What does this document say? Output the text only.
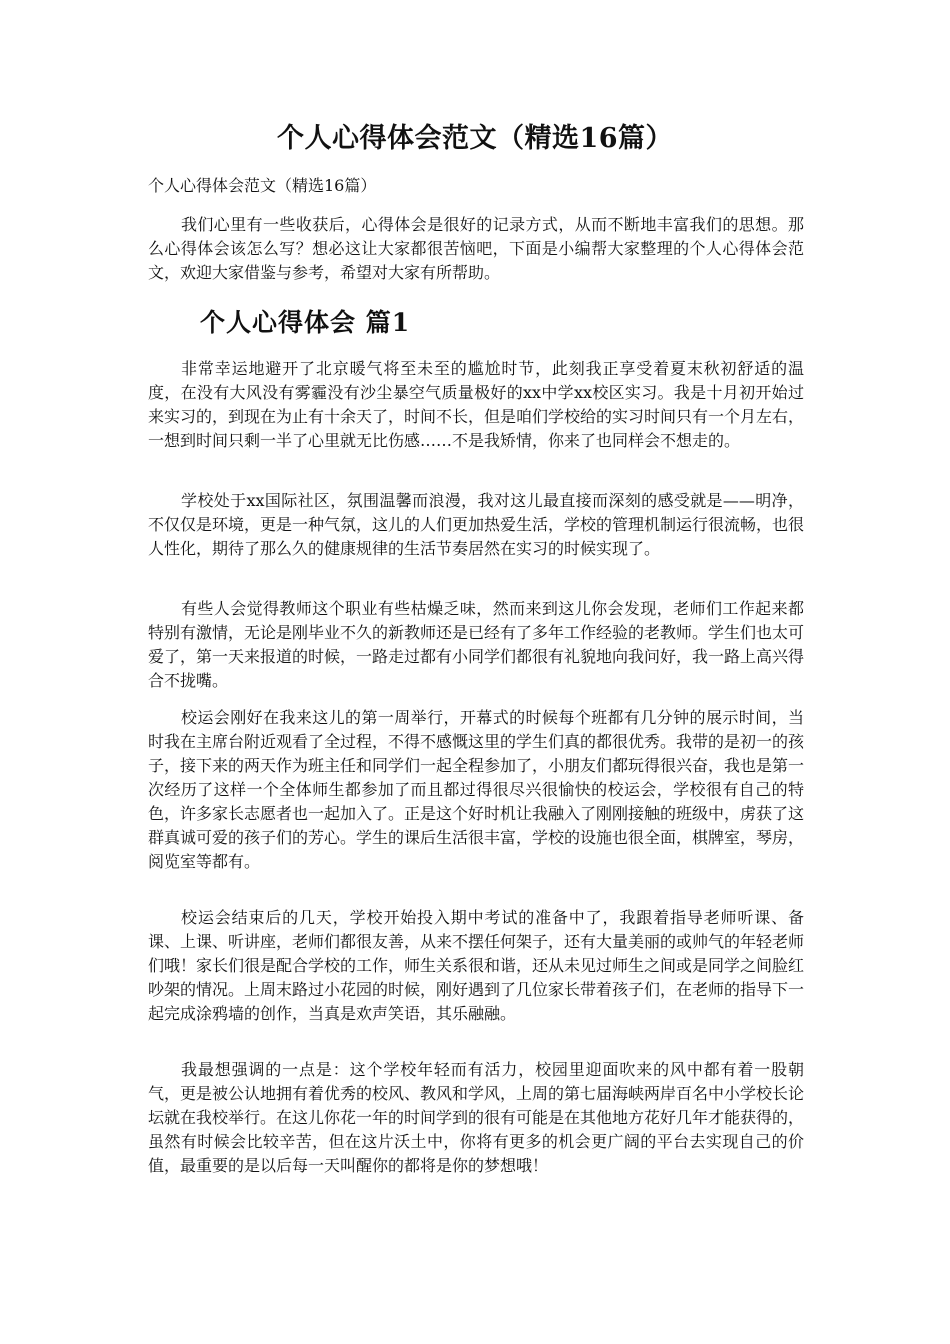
个人心得体会范文（精选16篇）

个人心得体会范文（精选16篇）

我们心里有一些收获后，心得体会是很好的记录方式，从而不断地丰富我们的思想。那么心得体会该怎么写？想必这让大家都很苦恼吧，下面是小编帮大家整理的个人心得体会范文，欢迎大家借鉴与参考，希望对大家有所帮助。

个人心得体会 篇1

非常幸运地避开了北京暖气将至未至的尴尬时节，此刻我正享受着夏末秋初舒适的温度，在没有大风没有雾霾没有沙尘暴空气质量极好的xx中学xx校区实习。我是十月初开始过来实习的，到现在为止有十余天了，时间不长，但是咱们学校给的实习时间只有一个月左右，一想到时间只剩一半了心里就无比伤感……不是我矫情，你来了也同样会不想走的。

学校处于xx国际社区，氛围温馨而浪漫，我对这儿最直接而深刻的感受就是——明净，不仅仅是环境，更是一种气氛，这儿的人们更加热爱生活，学校的管理机制运行很流畅，也很人性化，期待了那么久的健康规律的生活节奏居然在实习的时候实现了。

有些人会觉得教师这个职业有些枯燥乏味，然而来到这儿你会发现，老师们工作起来都特别有激情，无论是刚毕业不久的新教师还是已经有了多年工作经验的老教师。学生们也太可爱了，第一天来报道的时候，一路走过都有小同学们都很有礼貌地向我问好，我一路上高兴得合不拢嘴。

校运会刚好在我来这儿的第一周举行，开幕式的时候每个班都有几分钟的展示时间，当时我在主席台附近观看了全过程，不得不感慨这里的学生们真的都很优秀。我带的是初一的孩子，接下来的两天作为班主任和同学们一起全程参加了，小朋友们都玩得很兴奋，我也是第一次经历了这样一个全体师生都参加了而且都过得很尽兴很愉快的校运会，学校很有自己的特色，许多家长志愿者也一起加入了。正是这个好时机让我融入了刚刚接触的班级中，虏获了这群真诚可爱的孩子们的芳心。学生的课后生活很丰富，学校的设施也很全面，棋牌室，琴房，阅览室等都有。

校运会结束后的几天，学校开始投入期中考试的准备中了，我跟着指导老师听课、备课、上课、听讲座，老师们都很友善，从来不摆任何架子，还有大量美丽的或帅气的年轻老师们哦！家长们很是配合学校的工作，师生关系很和谐，还从未见过师生之间或是同学之间脸红吵架的情况。上周末路过小花园的时候，刚好遇到了几位家长带着孩子们，在老师的指导下一起完成涂鸦墙的创作，当真是欢声笑语，其乐融融。

我最想强调的一点是：这个学校年轻而有活力，校园里迎面吹来的风中都有着一股朝气，更是被公认地拥有着优秀的校风、教风和学风，上周的第七届海峡两岸百名中小学校长论坛就在我校举行。在这儿你花一年的时间学到的很有可能是在其他地方花好几年才能获得的，虽然有时候会比较辛苦，但在这片沃土中，你将有更多的机会更广阔的平台去实现自己的价值，最重要的是以后每一天叫醒你的都将是你的梦想哦！
